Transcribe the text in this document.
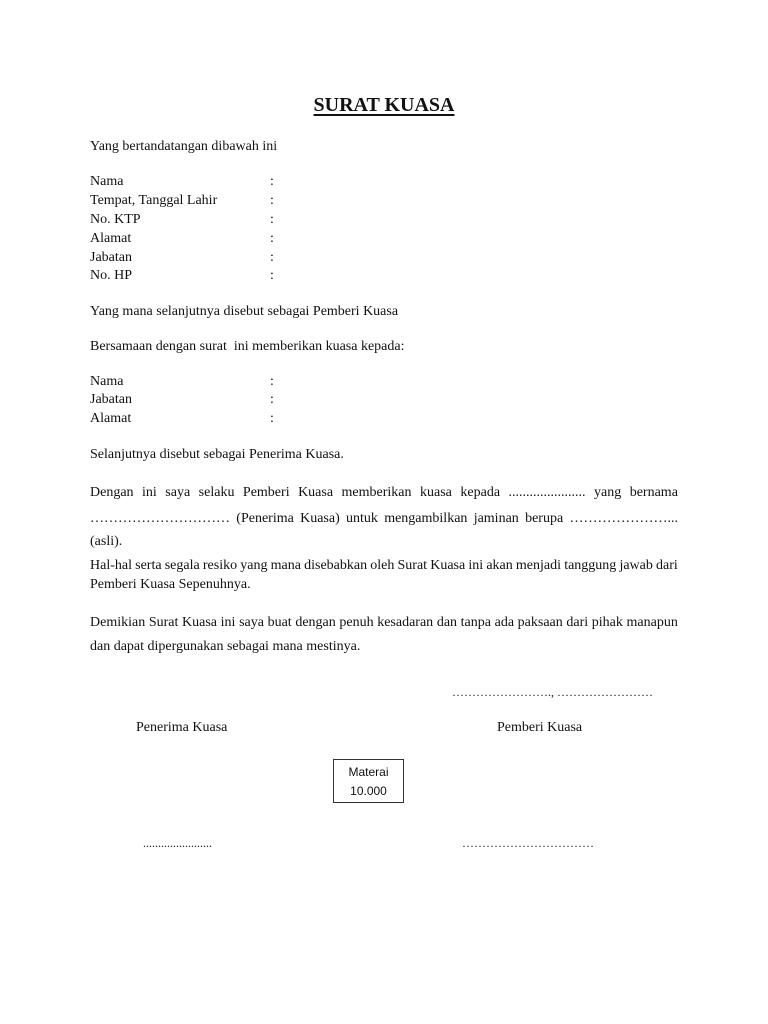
SURAT KUASA
Yang bertandatangan dibawah ini
Nama	:
Tempat, Tanggal Lahir	:
No. KTP	:
Alamat	:
Jabatan	:
No. HP	:
Yang mana selanjutnya disebut sebagai Pemberi Kuasa
Bersamaan dengan surat  ini memberikan kuasa kepada:
Nama	:
Jabatan	:
Alamat	:
Selanjutnya disebut sebagai Penerima Kuasa.
Dengan ini saya selaku Pemberi Kuasa memberikan kuasa kepada ...................... yang bernama
………………………… (Penerima Kuasa) untuk mengambilkan jaminan berupa …………………...
(asli).
Hal-hal serta segala resiko yang mana disebabkan oleh Surat Kuasa ini akan menjadi tanggung jawab dari
Pemberi Kuasa Sepenuhnya.
Demikian Surat Kuasa ini saya buat dengan penuh kesadaran dan tanpa ada paksaan dari pihak manapun
dan dapat dipergunakan sebagai mana mestinya.
……………………., ……………………
Penerima Kuasa	Pemberi Kuasa
Materai
10.000
.......................	……………………………
